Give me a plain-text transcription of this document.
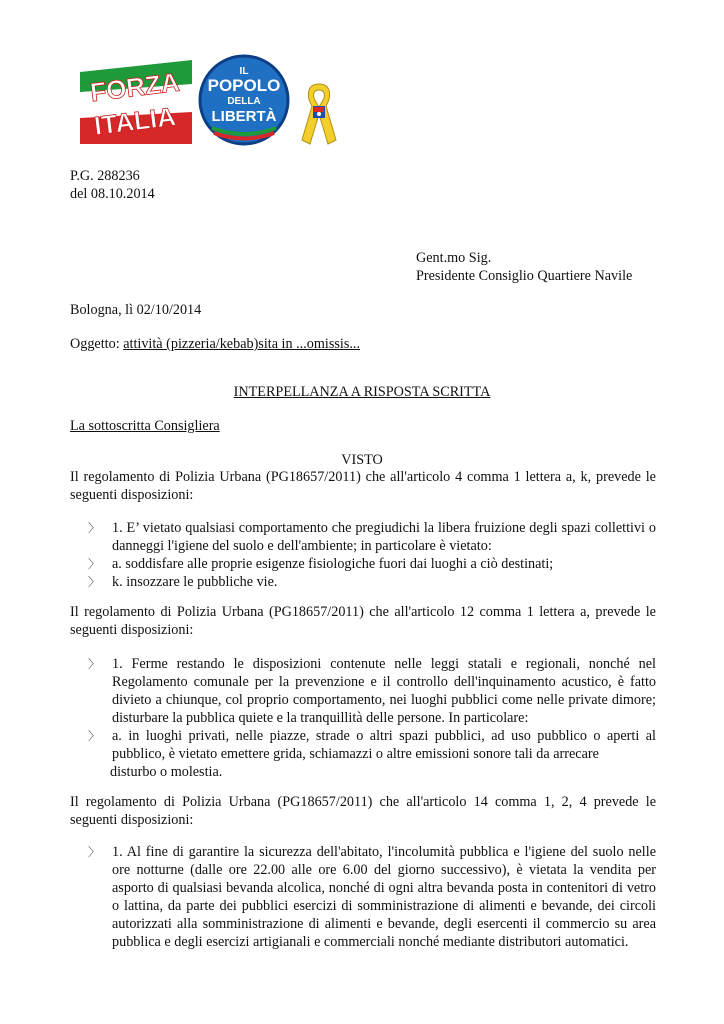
FORZA
ITALIA
IL
POPOLO
DELLA
LIBERTÀ
P.G. 288236
del 08.10.2014
Gent.mo Sig.
Presidente Consiglio Quartiere Navile
Bologna, lì 02/10/2014
Oggetto: attività (pizzeria/kebab)sita in ...omissis...
INTERPELLANZA A RISPOSTA SCRITTA
La sottoscritta Consigliera
VISTO
Il regolamento di Polizia Urbana (PG18657/2011) che all'articolo 4 comma 1 lettera a, k, prevede le seguenti disposizioni:
〉 1. E’ vietato qualsiasi comportamento che pregiudichi la libera fruizione degli spazi collettivi o danneggi l'igiene del suolo e dell'ambiente; in particolare è vietato:
〉 a. soddisfare alle proprie esigenze fisiologiche fuori dai luoghi a ciò destinati;
〉 k. insozzare le pubbliche vie.
Il regolamento di Polizia Urbana (PG18657/2011) che all'articolo 12 comma 1 lettera a, prevede le seguenti disposizioni:
〉 1. Ferme restando le disposizioni contenute nelle leggi statali e regionali, nonché nel Regolamento comunale per la prevenzione e il controllo dell'inquinamento acustico, è fatto divieto a chiunque, col proprio comportamento, nei luoghi pubblici come nelle private dimore; disturbare la pubblica quiete e la tranquillità delle persone. In particolare:
〉 a. in luoghi privati, nelle piazze, strade o altri spazi pubblici, ad uso pubblico o aperti al pubblico, è vietato emettere grida, schiamazzi o altre emissioni sonore tali da arrecare
disturbo o molestia.
Il regolamento di Polizia Urbana (PG18657/2011) che all'articolo 14 comma 1, 2, 4 prevede le seguenti disposizioni:
〉 1. Al fine di garantire la sicurezza dell'abitato, l'incolumità pubblica e l'igiene del suolo nelle ore notturne (dalle ore 22.00 alle ore 6.00 del giorno successivo), è vietata la vendita per asporto di qualsiasi bevanda alcolica, nonché di ogni altra bevanda posta in contenitori di vetro o lattina, da parte dei pubblici esercizi di somministrazione di alimenti e bevande, dei circoli autorizzati alla somministrazione di alimenti e bevande, degli esercenti il commercio su area pubblica e degli esercizi artigianali e commerciali nonché mediante distributori automatici.
